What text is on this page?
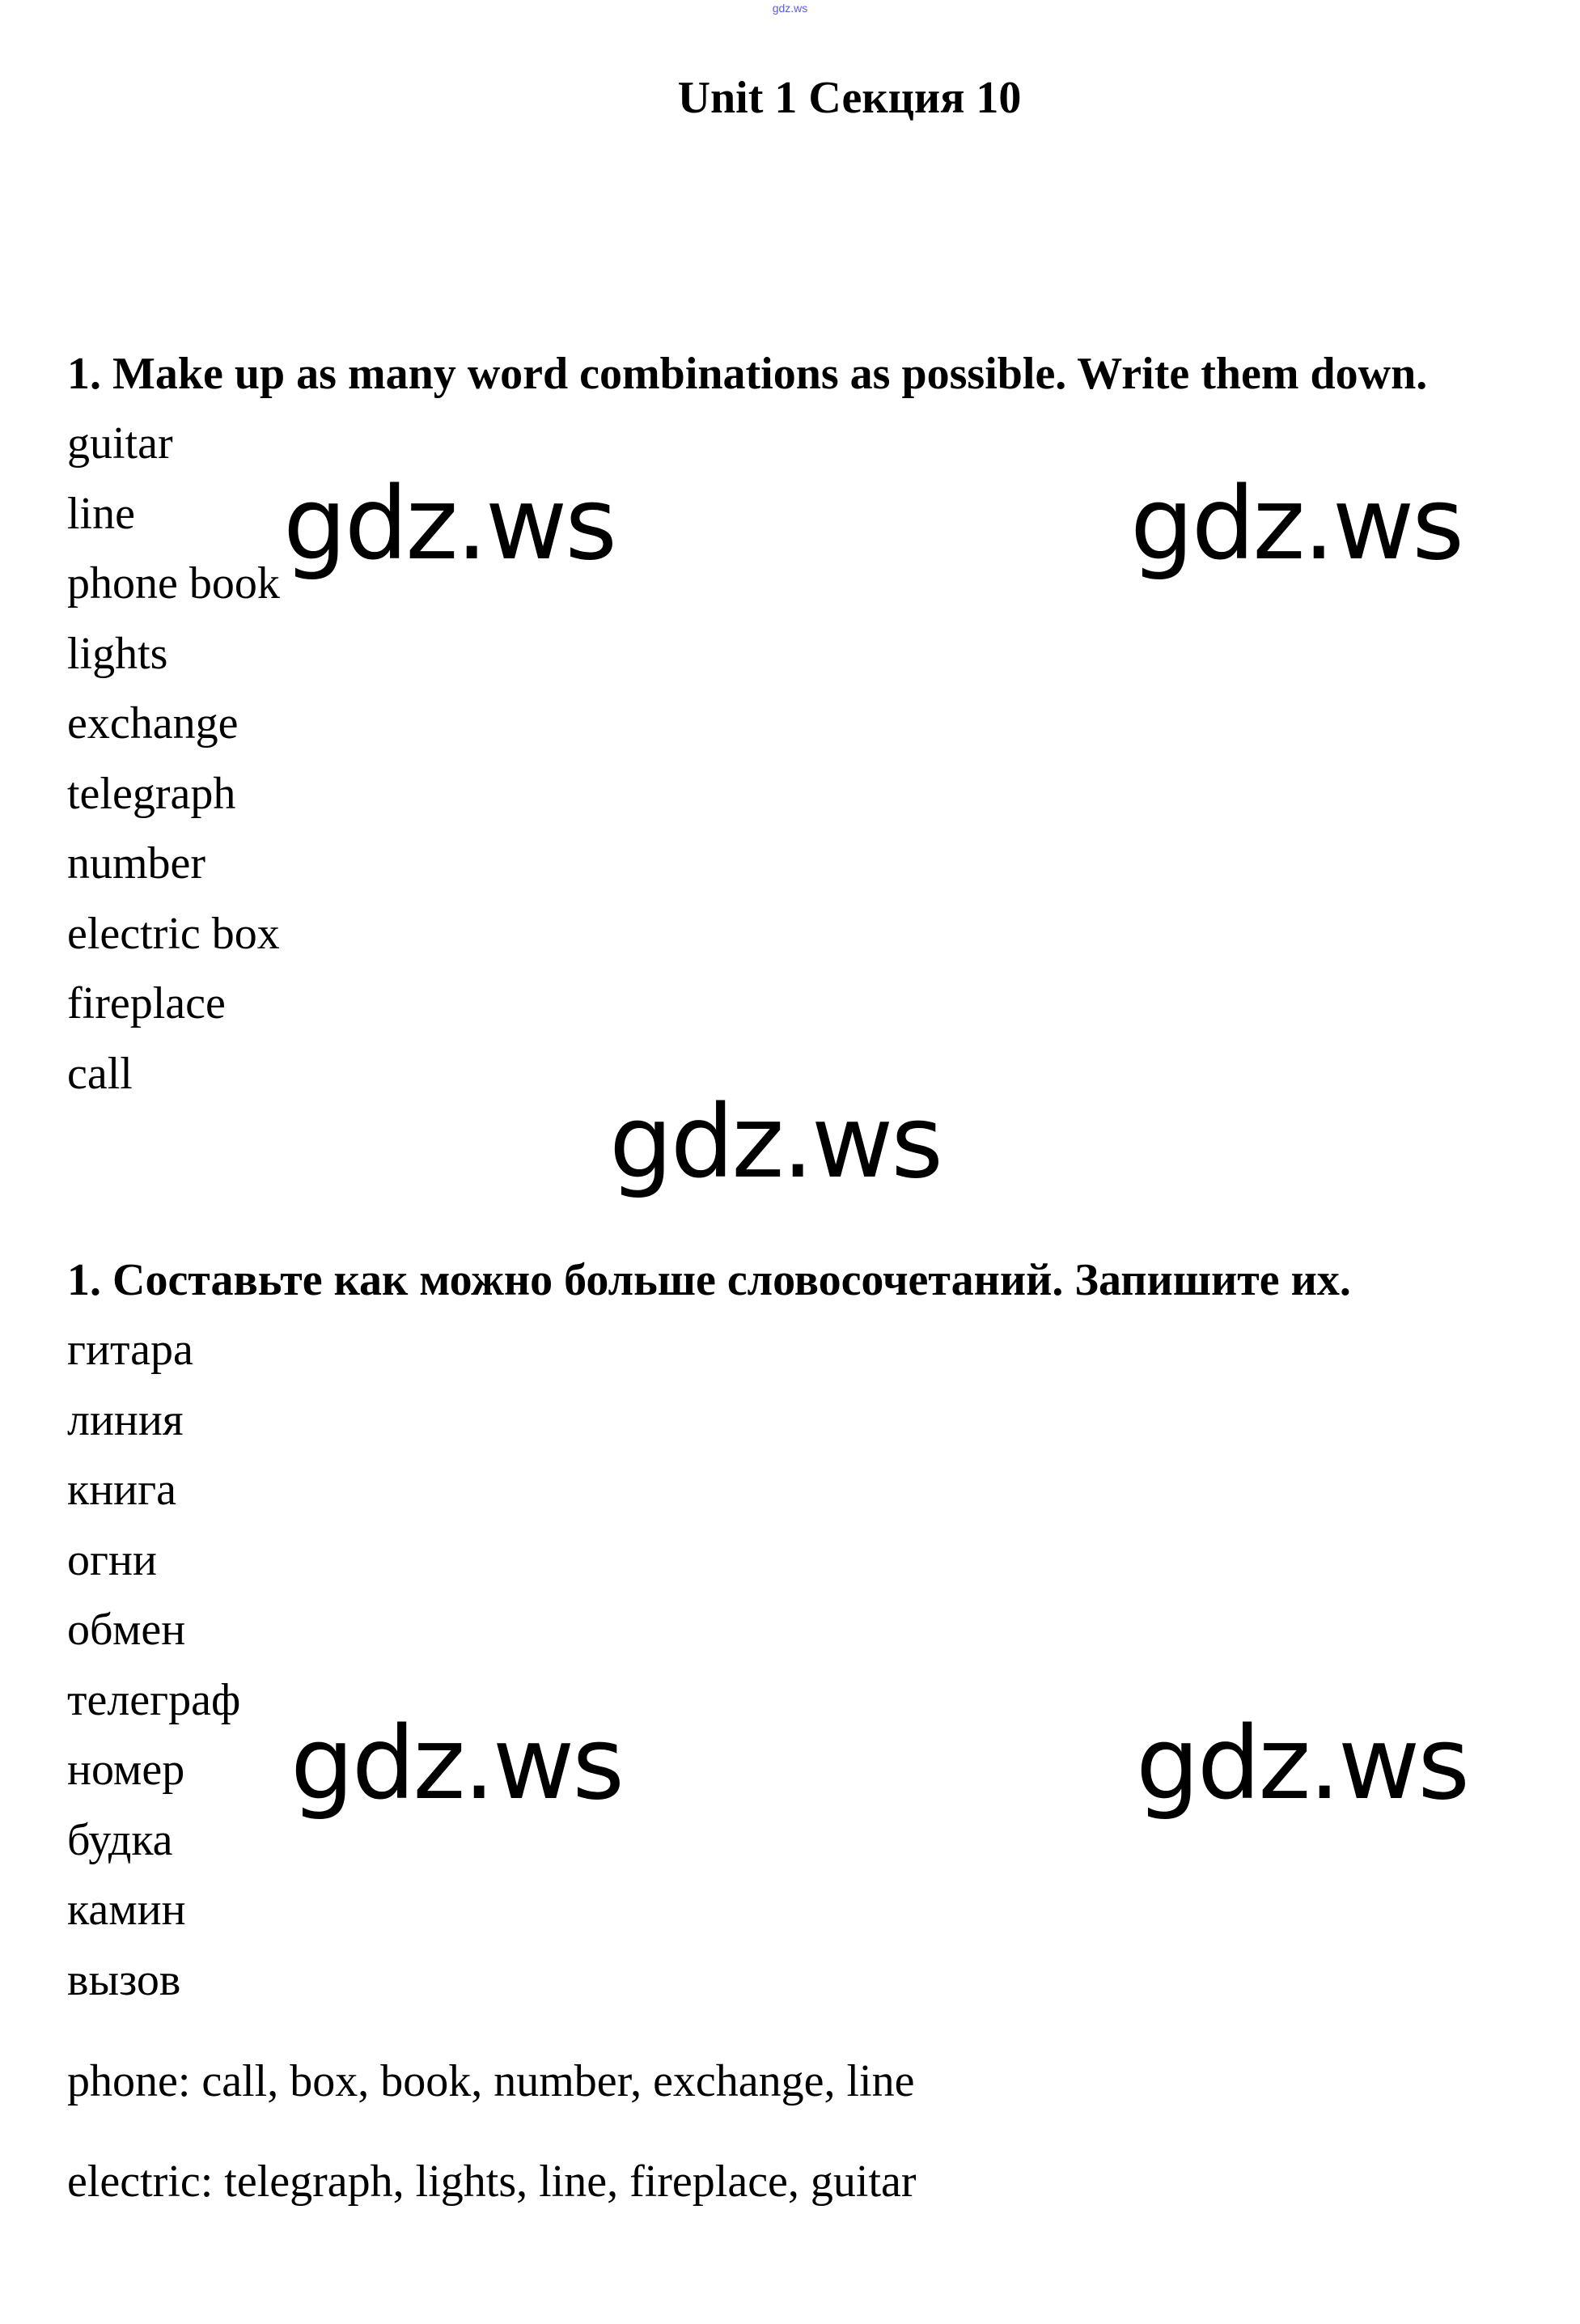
gdz.ws
Unit 1 Секция 10
1. Make up as many word combinations as possible. Write them down.
guitar
line
phone book
lights
exchange
telegraph
number
electric box
fireplace
call
1. Составьте как можно больше словосочетаний. Запишите их.
гитара
линия
книга
огни
обмен
телеграф
номер
будка
камин
вызов
phone: call, box, book, number, exchange, line
electric: telegraph, lights, line, fireplace, guitar
gdz.ws	gdz.ws
gdz.ws
gdz.ws	gdz.ws
